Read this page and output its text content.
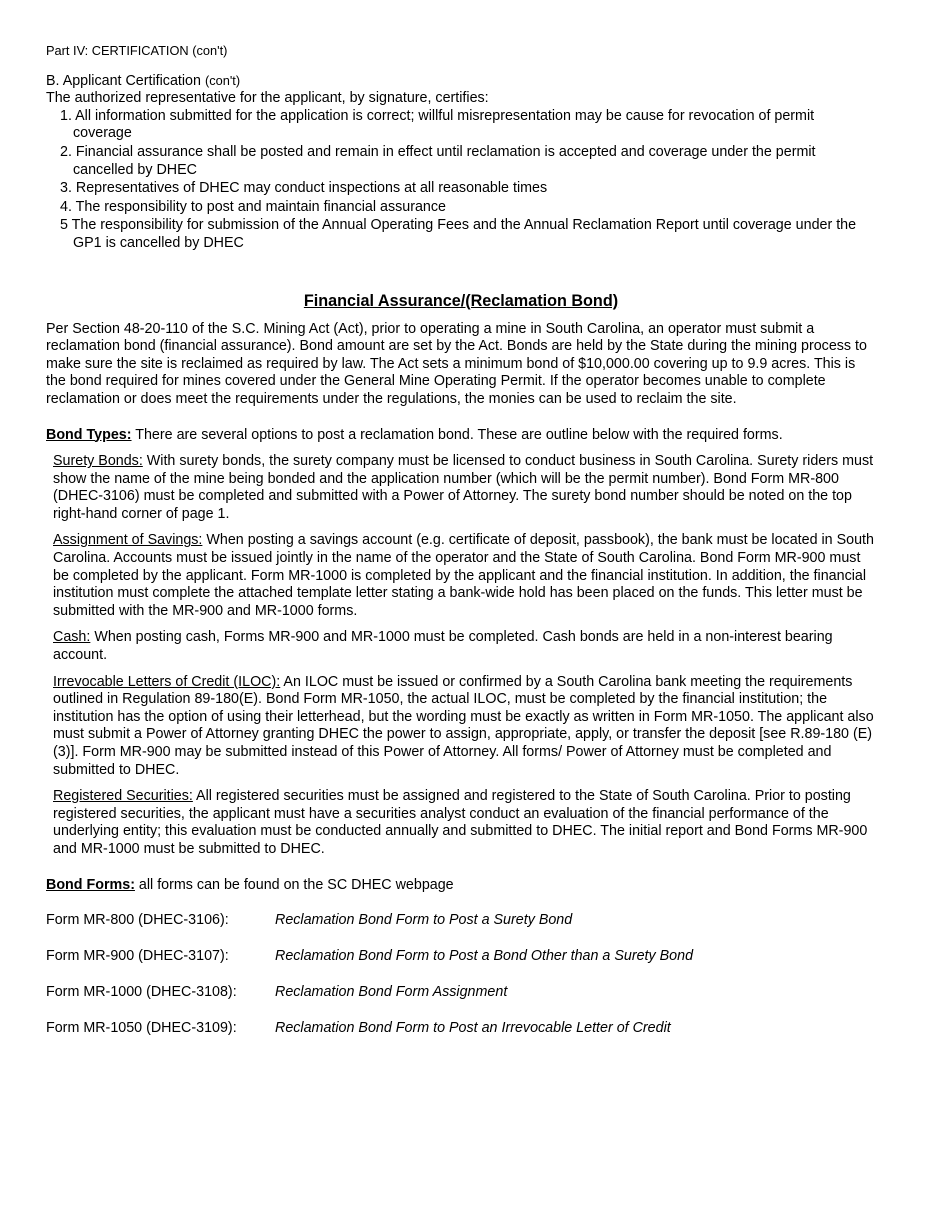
Part IV: CERTIFICATION (con't)
B. Applicant Certification (con't)

The authorized representative for the applicant, by signature, certifies:

1. All information submitted for the application is correct; willful misrepresentation may be cause for revocation of permit coverage
2. Financial assurance shall be posted and remain in effect until reclamation is accepted and coverage under the permit cancelled by DHEC
3. Representatives of DHEC may conduct inspections at all reasonable times
4. The responsibility to post and maintain financial assurance
5 The responsibility for submission of the Annual Operating Fees and the Annual Reclamation Report until coverage under the GP1 is cancelled by DHEC
Financial Assurance/(Reclamation Bond)

Per Section 48-20-110 of the S.C. Mining Act (Act), prior to operating a mine in South Carolina, an operator must submit a reclamation bond (financial assurance). Bond amount are set by the Act. Bonds are held by the State during the mining process to make sure the site is reclaimed as required by law. The Act sets a minimum bond of $10,000.00 covering up to 9.9 acres. This is the bond required for mines covered under the General Mine Operating Permit. If the operator becomes unable to complete reclamation or does meet the requirements under the regulations, the monies can be used to reclaim the site.

Bond Types: There are several options to post a reclamation bond. These are outline below with the required forms.

Surety Bonds: With surety bonds, the surety company must be licensed to conduct business in South Carolina. Surety riders must show the name of the mine being bonded and the application number (which will be the permit number). Bond Form MR-800 (DHEC-3106) must be completed and submitted with a Power of Attorney. The surety bond number should be noted on the top right-hand corner of page 1.

Assignment of Savings: When posting a savings account (e.g. certificate of deposit, passbook), the bank must be located in South Carolina. Accounts must be issued jointly in the name of the operator and the State of South Carolina. Bond Form MR-900 must be completed by the applicant. Form MR-1000 is completed by the applicant and the financial institution. In addition, the financial institution must complete the attached template letter stating a bank-wide hold has been placed on the funds. This letter must be submitted with the MR-900 and MR-1000 forms.

Cash: When posting cash, Forms MR-900 and MR-1000 must be completed. Cash bonds are held in a non-interest bearing account.

Irrevocable Letters of Credit (ILOC): An ILOC must be issued or confirmed by a South Carolina bank meeting the requirements outlined in Regulation 89-180(E). Bond Form MR-1050, the actual ILOC, must be completed by the financial institution; the institution has the option of using their letterhead, but the wording must be exactly as written in Form MR-1050. The applicant also must submit a Power of Attorney granting DHEC the power to assign, appropriate, apply, or transfer the deposit [see R.89-180 (E) (3)]. Form MR-900 may be submitted instead of this Power of Attorney. All forms/ Power of Attorney must be completed and submitted to DHEC.

Registered Securities: All registered securities must be assigned and registered to the State of South Carolina. Prior to posting registered securities, the applicant must have a securities analyst conduct an evaluation of the financial performance of the underlying entity; this evaluation must be conducted annually and submitted to DHEC. The initial report and Bond Forms MR-900 and MR-1000 must be submitted to DHEC.

Bond Forms: all forms can be found on the SC DHEC webpage

Form MR-800 (DHEC-3106):	Reclamation Bond Form to Post a Surety Bond
Form MR-900 (DHEC-3107):	Reclamation Bond Form to Post a Bond Other than a Surety Bond
Form MR-1000 (DHEC-3108):	Reclamation Bond Form Assignment
Form MR-1050 (DHEC-3109):	Reclamation Bond Form to Post an Irrevocable Letter of Credit
